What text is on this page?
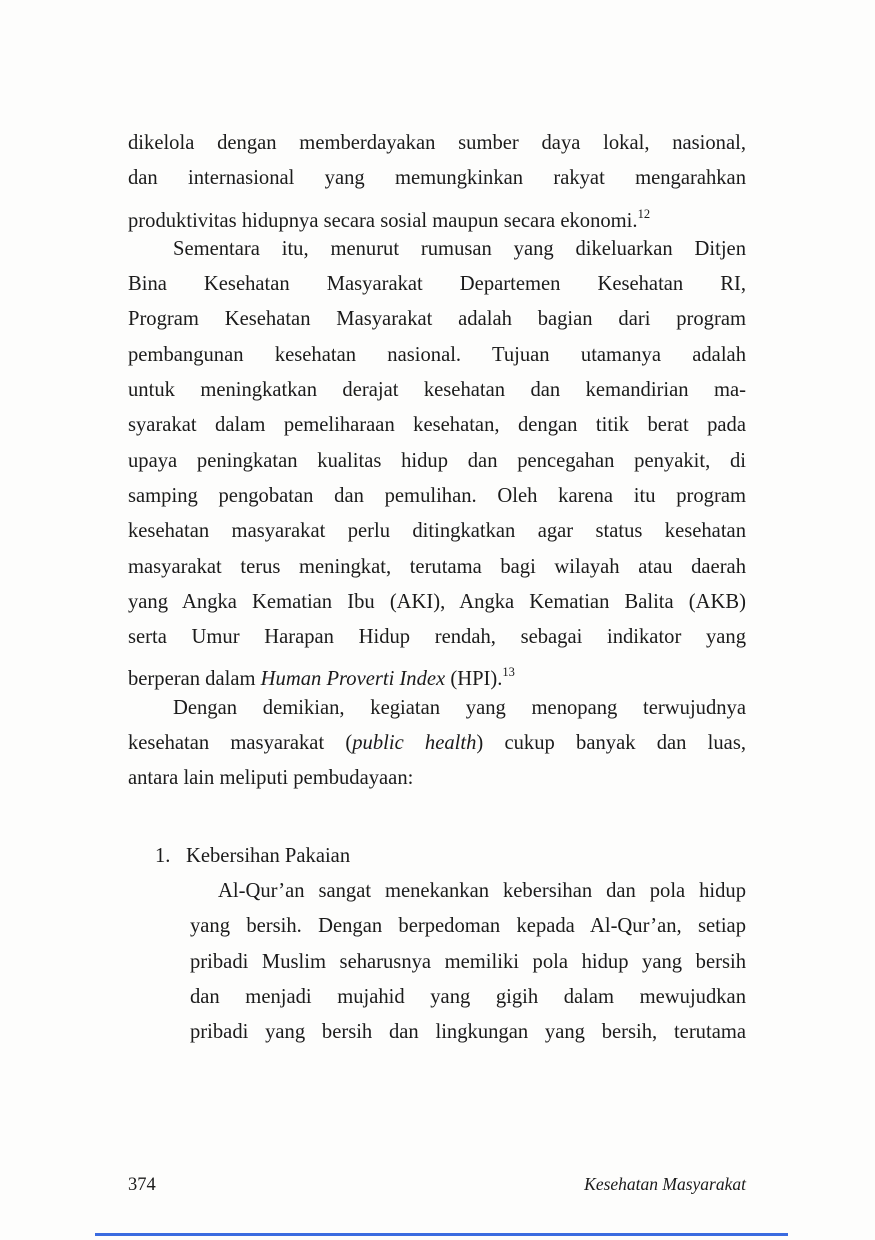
dikelola dengan memberdayakan sumber daya lokal, nasional,
dan internasional yang memungkinkan rakyat mengarahkan
produktivitas hidupnya secara sosial maupun secara ekonomi.$^{12}$
Sementara itu, menurut rumusan yang dikeluarkan Ditjen
Bina Kesehatan Masyarakat Departemen Kesehatan RI,
Program Kesehatan Masyarakat adalah bagian dari program
pembangunan kesehatan nasional. Tujuan utamanya adalah
untuk meningkatkan derajat kesehatan dan kemandirian ma-
syarakat dalam pemeliharaan kesehatan, dengan titik berat pada
upaya peningkatan kualitas hidup dan pencegahan penyakit, di
samping pengobatan dan pemulihan. Oleh karena itu program
kesehatan masyarakat perlu ditingkatkan agar status kesehatan
masyarakat terus meningkat, terutama bagi wilayah atau daerah
yang Angka Kematian Ibu (AKI), Angka Kematian Balita (AKB)
serta Umur Harapan Hidup rendah, sebagai indikator yang
berperan dalam Human Proverti Index (HPI).$^{13}$
Dengan demikian, kegiatan yang menopang terwujudnya
kesehatan masyarakat (public health) cukup banyak dan luas,
antara lain meliputi pembudayaan:
1. Kebersihan Pakaian
Al-Qur’an sangat menekankan kebersihan dan pola hidup
yang bersih. Dengan berpedoman kepada Al-Qur’an, setiap
pribadi Muslim seharusnya memiliki pola hidup yang bersih
dan menjadi mujahid yang gigih dalam mewujudkan
pribadi yang bersih dan lingkungan yang bersih, terutama
374	Kesehatan Masyarakat
